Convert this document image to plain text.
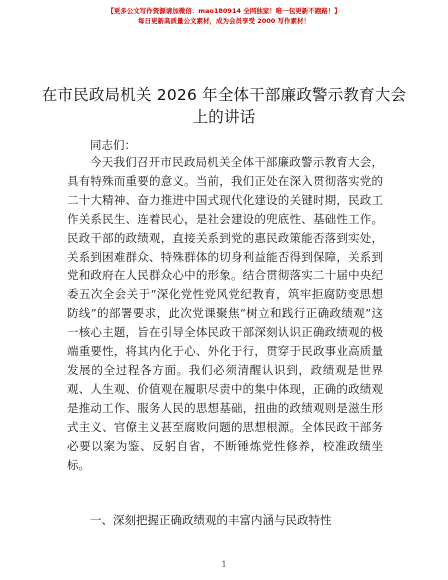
【更多公文写作资源请加微信：mao180914 全网独家！唯一包更新不跑路！】
每日更新高质量公文素材，成为会员享受 2000 写作素材！
在市民政局机关 2026 年全体干部廉政警示教育大会上的讲话
同志们：

今天我们召开市民政局机关全体干部廉政警示教育大会，具有特殊而重要的意义。当前，我们正处在深入贯彻落实党的二十大精神、奋力推进中国式现代化建设的关键时期，民政工作关系民生、连着民心，是社会建设的兜底性、基础性工作。民政干部的政绩观，直接关系到党的惠民政策能否落到实处，关系到困难群众、特殊群体的切身利益能否得到保障，关系到党和政府在人民群众心中的形象。结合贯彻落实二十届中央纪委五次全会关于“深化党性党风党纪教育，筑牢拒腐防变思想防线”的部署要求，此次党课聚焦“树立和践行正确政绩观”这一核心主题，旨在引导全体民政干部深刻认识正确政绩观的极端重要性，将其内化于心、外化于行，贯穿于民政事业高质量发展的全过程各方面。我们必须清醒认识到，政绩观是世界观、人生观、价值观在履职尽责中的集中体现，正确的政绩观是推动工作、服务人民的思想基础，扭曲的政绩观则是滋生形式主义、官僚主义甚至腐败问题的思想根源。全体民政干部务必要以案为鉴、反躬自省，不断锤炼党性修养，校准政绩坐标。

一、深刻把握正确政绩观的丰富内涵与民政特性
1
